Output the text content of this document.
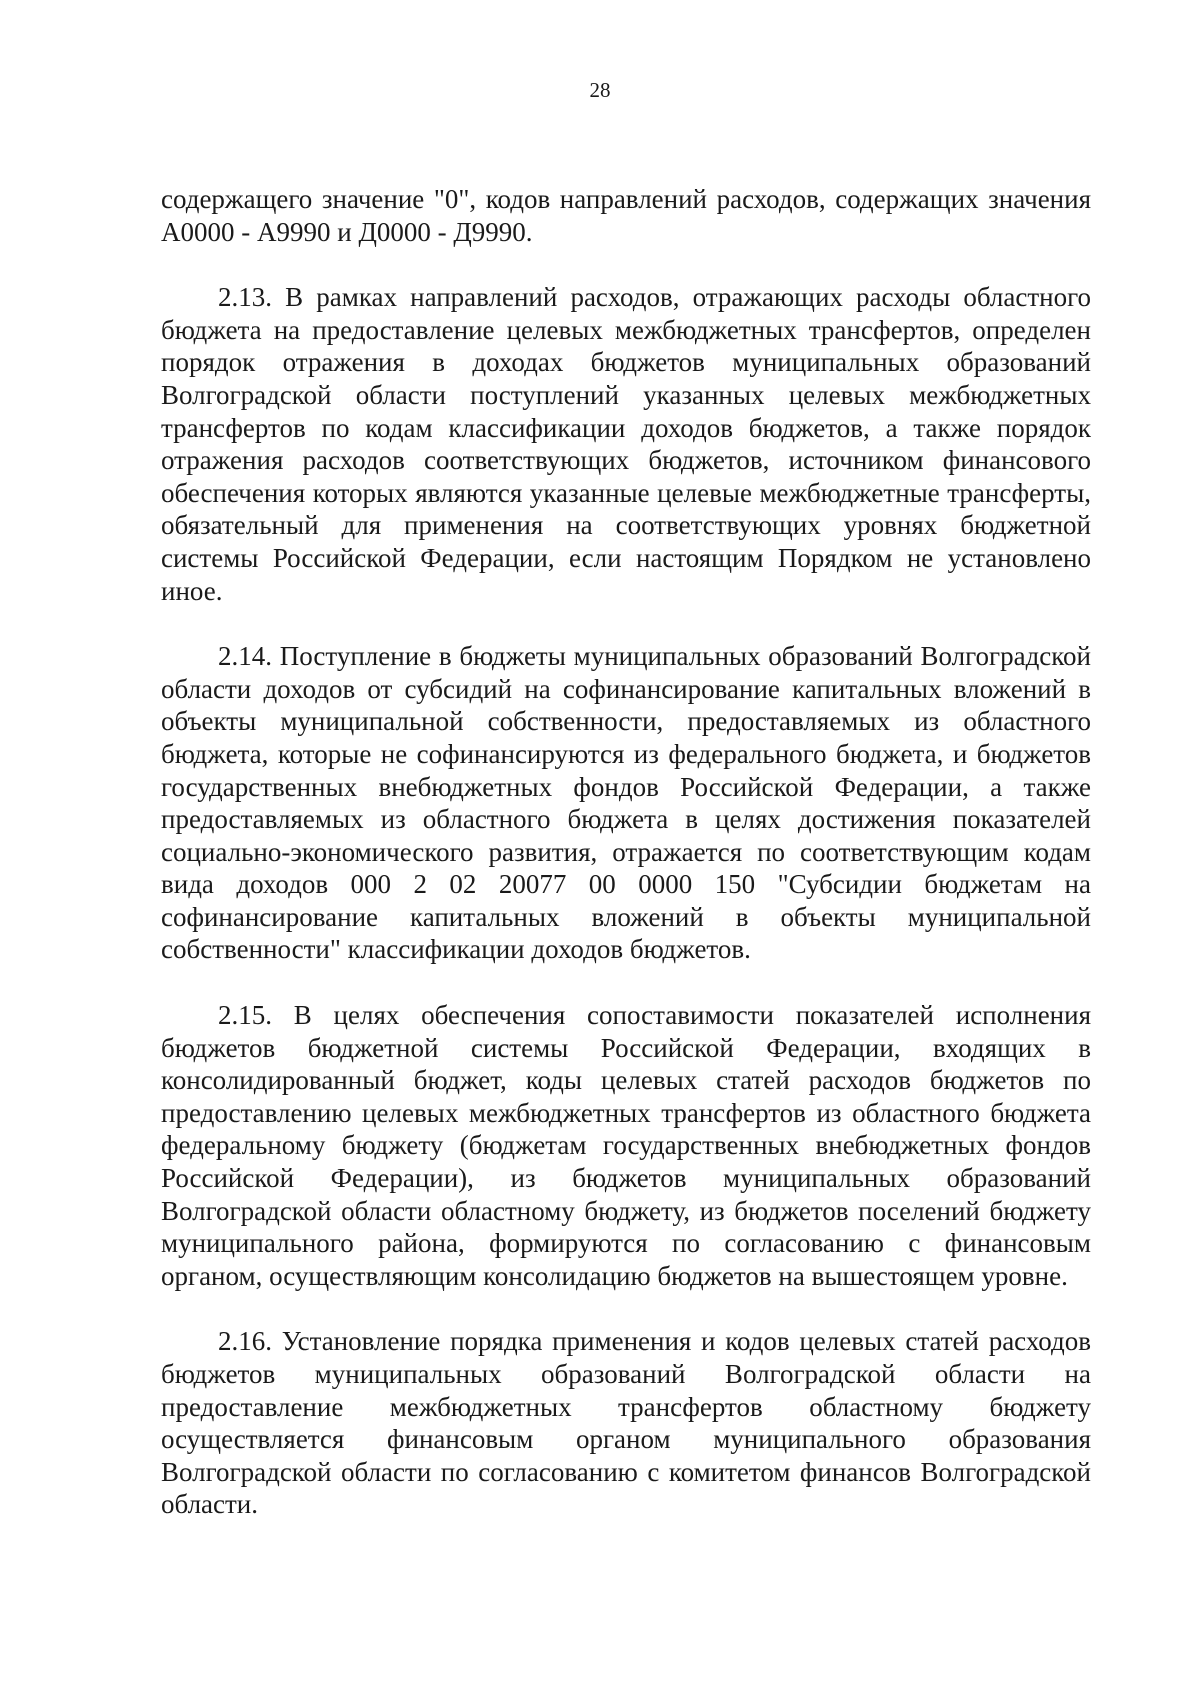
28

содержащего значение "0", кодов направлений расходов, содержащих значения А0000 - А9990 и Д0000 - Д9990.

2.13. В рамках направлений расходов, отражающих расходы областного бюджета на предоставление целевых межбюджетных трансфертов, определен порядок отражения в доходах бюджетов муниципальных образований Волгоградской области поступлений указанных целевых межбюджетных трансфертов по кодам классификации доходов бюджетов, а также порядок отражения расходов соответствующих бюджетов, источником финансового обеспечения которых являются указанные целевые межбюджетные трансферты, обязательный для применения на соответствующих уровнях бюджетной системы Российской Федерации, если настоящим Порядком не установлено иное.

2.14. Поступление в бюджеты муниципальных образований Волгоградской области доходов от субсидий на софинансирование капитальных вложений в объекты муниципальной собственности, предоставляемых из областного бюджета, которые не софинансируются из федерального бюджета, и бюджетов государственных внебюджетных фондов Российской Федерации, а также предоставляемых из областного бюджета в целях достижения показателей социально-экономического развития, отражается по соответствующим кодам вида доходов 000 2 02 20077 00 0000 150 "Субсидии бюджетам на софинансирование капитальных вложений в объекты муниципальной собственности" классификации доходов бюджетов.

2.15. В целях обеспечения сопоставимости показателей исполнения бюджетов бюджетной системы Российской Федерации, входящих в консолидированный бюджет, коды целевых статей расходов бюджетов по предоставлению целевых межбюджетных трансфертов из областного бюджета федеральному бюджету (бюджетам государственных внебюджетных фондов Российской Федерации), из бюджетов муниципальных образований Волгоградской области областному бюджету, из бюджетов поселений бюджету муниципального района, формируются по согласованию с финансовым органом, осуществляющим консолидацию бюджетов на вышестоящем уровне.

2.16. Установление порядка применения и кодов целевых статей расходов бюджетов муниципальных образований Волгоградской области на предоставление межбюджетных трансфертов областному бюджету осуществляется финансовым органом муниципального образования Волгоградской области по согласованию с комитетом финансов Волгоградской области.
